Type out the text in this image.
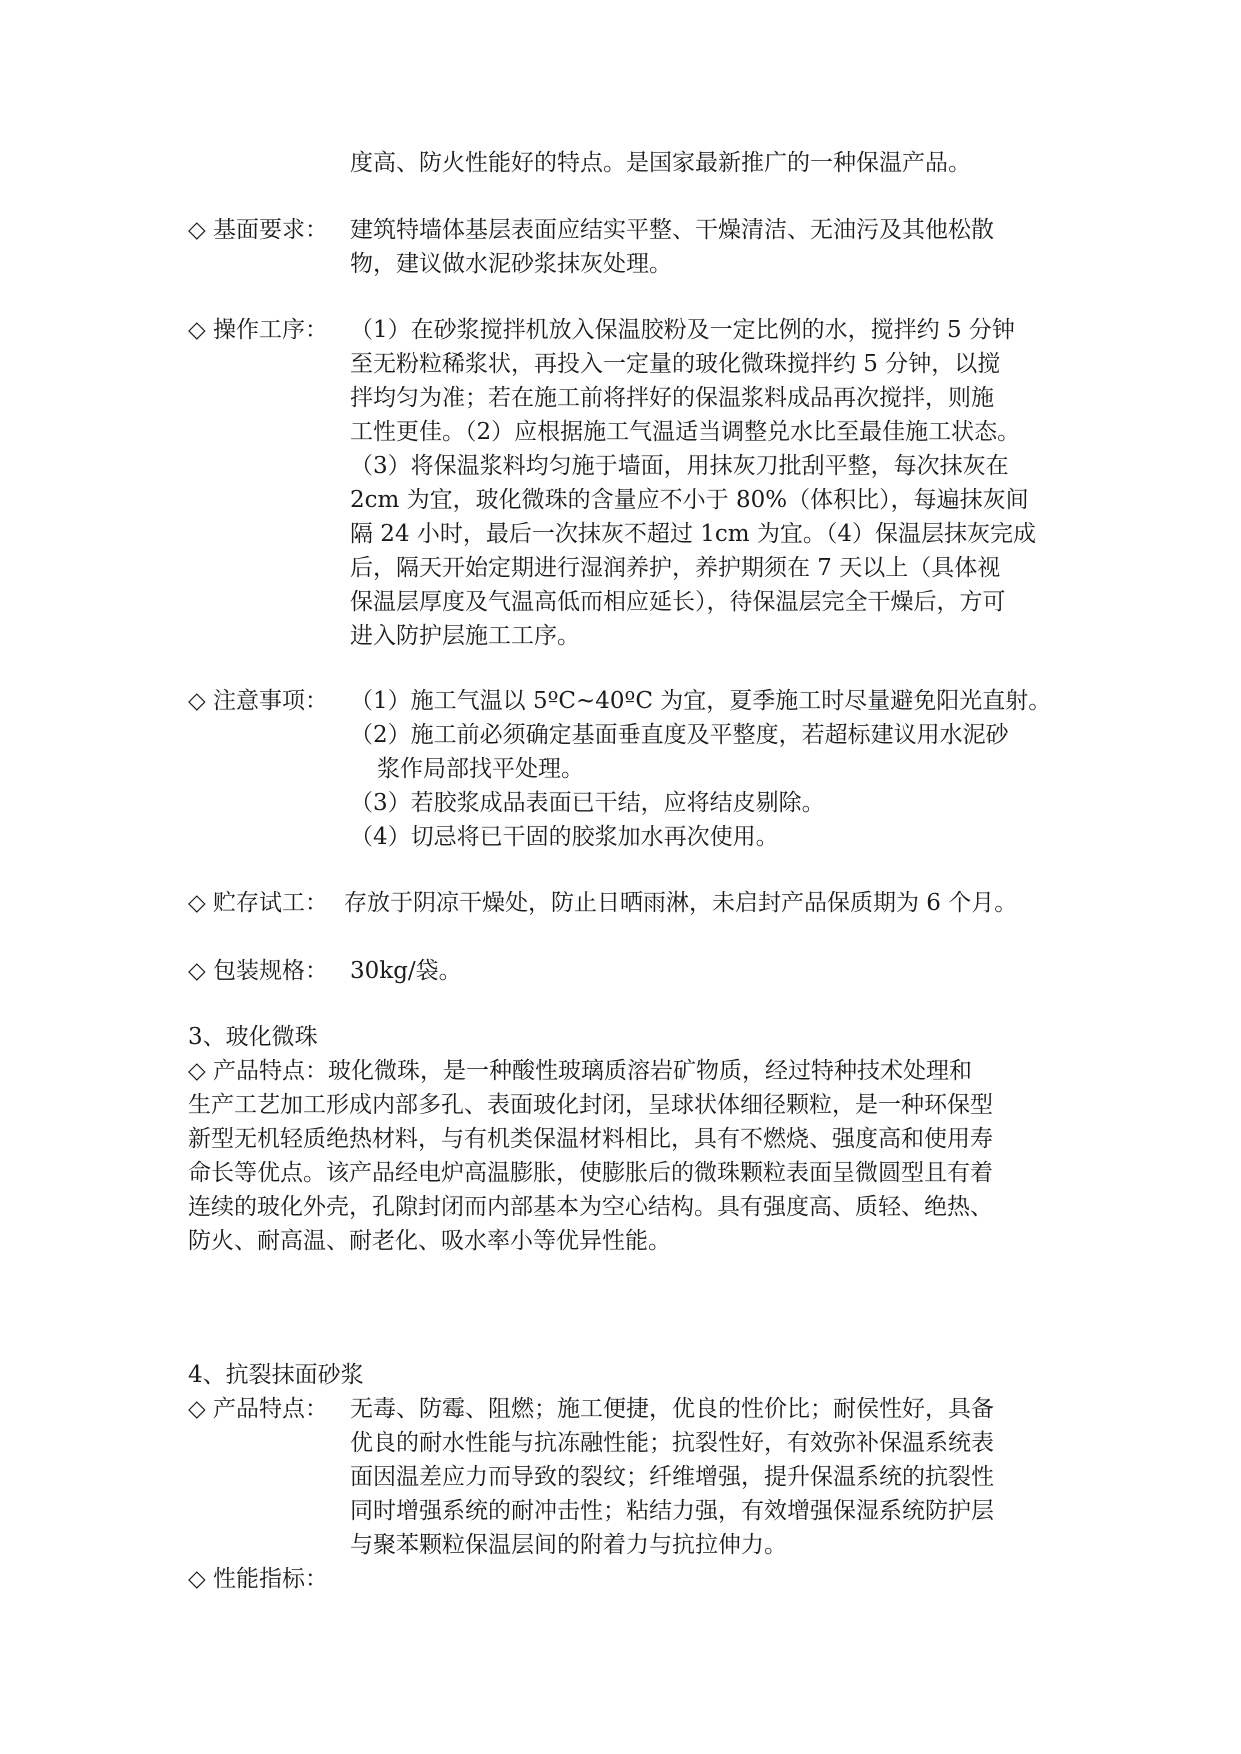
度高、防火性能好的特点。是国家最新推广的一种保温产品。
◇ 基面要求： 建筑特墙体基层表面应结实平整、干燥清洁、无油污及其他松散
物，建议做水泥砂浆抹灰处理。
◇ 操作工序： （1）在砂浆搅拌机放入保温胶粉及一定比例的水，搅拌约 5 分钟
至无粉粒稀浆状，再投入一定量的玻化微珠搅拌约 5 分钟，以搅
拌均匀为准；若在施工前将拌好的保温浆料成品再次搅拌，则施
工性更佳。（2）应根据施工气温适当调整兑水比至最佳施工状态。
（3）将保温浆料均匀施于墙面，用抹灰刀批刮平整，每次抹灰在
2cm 为宜，玻化微珠的含量应不小于 80%（体积比），每遍抹灰间
隔 24 小时，最后一次抹灰不超过 1cm 为宜。（4）保温层抹灰完成
后，隔天开始定期进行湿润养护，养护期须在 7 天以上（具体视
保温层厚度及气温高低而相应延长），待保温层完全干燥后，方可
进入防护层施工工序。
◇ 注意事项： （1）施工气温以 5ºC~40ºC 为宜，夏季施工时尽量避免阳光直射。
（2）施工前必须确定基面垂直度及平整度，若超标建议用水泥砂
浆作局部找平处理。
（3）若胶浆成品表面已干结，应将结皮剔除。
（4）切忌将已干固的胶浆加水再次使用。
◇ 贮存试工： 存放于阴凉干燥处，防止日晒雨淋，未启封产品保质期为 6 个月。
◇ 包装规格： 30kg/袋。
3、玻化微珠
◇ 产品特点：玻化微珠，是一种酸性玻璃质溶岩矿物质，经过特种技术处理和
生产工艺加工形成内部多孔、表面玻化封闭，呈球状体细径颗粒，是一种环保型
新型无机轻质绝热材料，与有机类保温材料相比，具有不燃烧、强度高和使用寿
命长等优点。该产品经电炉高温膨胀，使膨胀后的微珠颗粒表面呈微圆型且有着
连续的玻化外壳，孔隙封闭而内部基本为空心结构。具有强度高、质轻、绝热、
防火、耐高温、耐老化、吸水率小等优异性能。
4、抗裂抹面砂浆
◇ 产品特点： 无毒、防霉、阻燃；施工便捷，优良的性价比；耐侯性好，具备
优良的耐水性能与抗冻融性能；抗裂性好，有效弥补保温系统表
面因温差应力而导致的裂纹；纤维增强，提升保温系统的抗裂性
同时增强系统的耐冲击性；粘结力强，有效增强保湿系统防护层
与聚苯颗粒保温层间的附着力与抗拉伸力。
◇ 性能指标：
